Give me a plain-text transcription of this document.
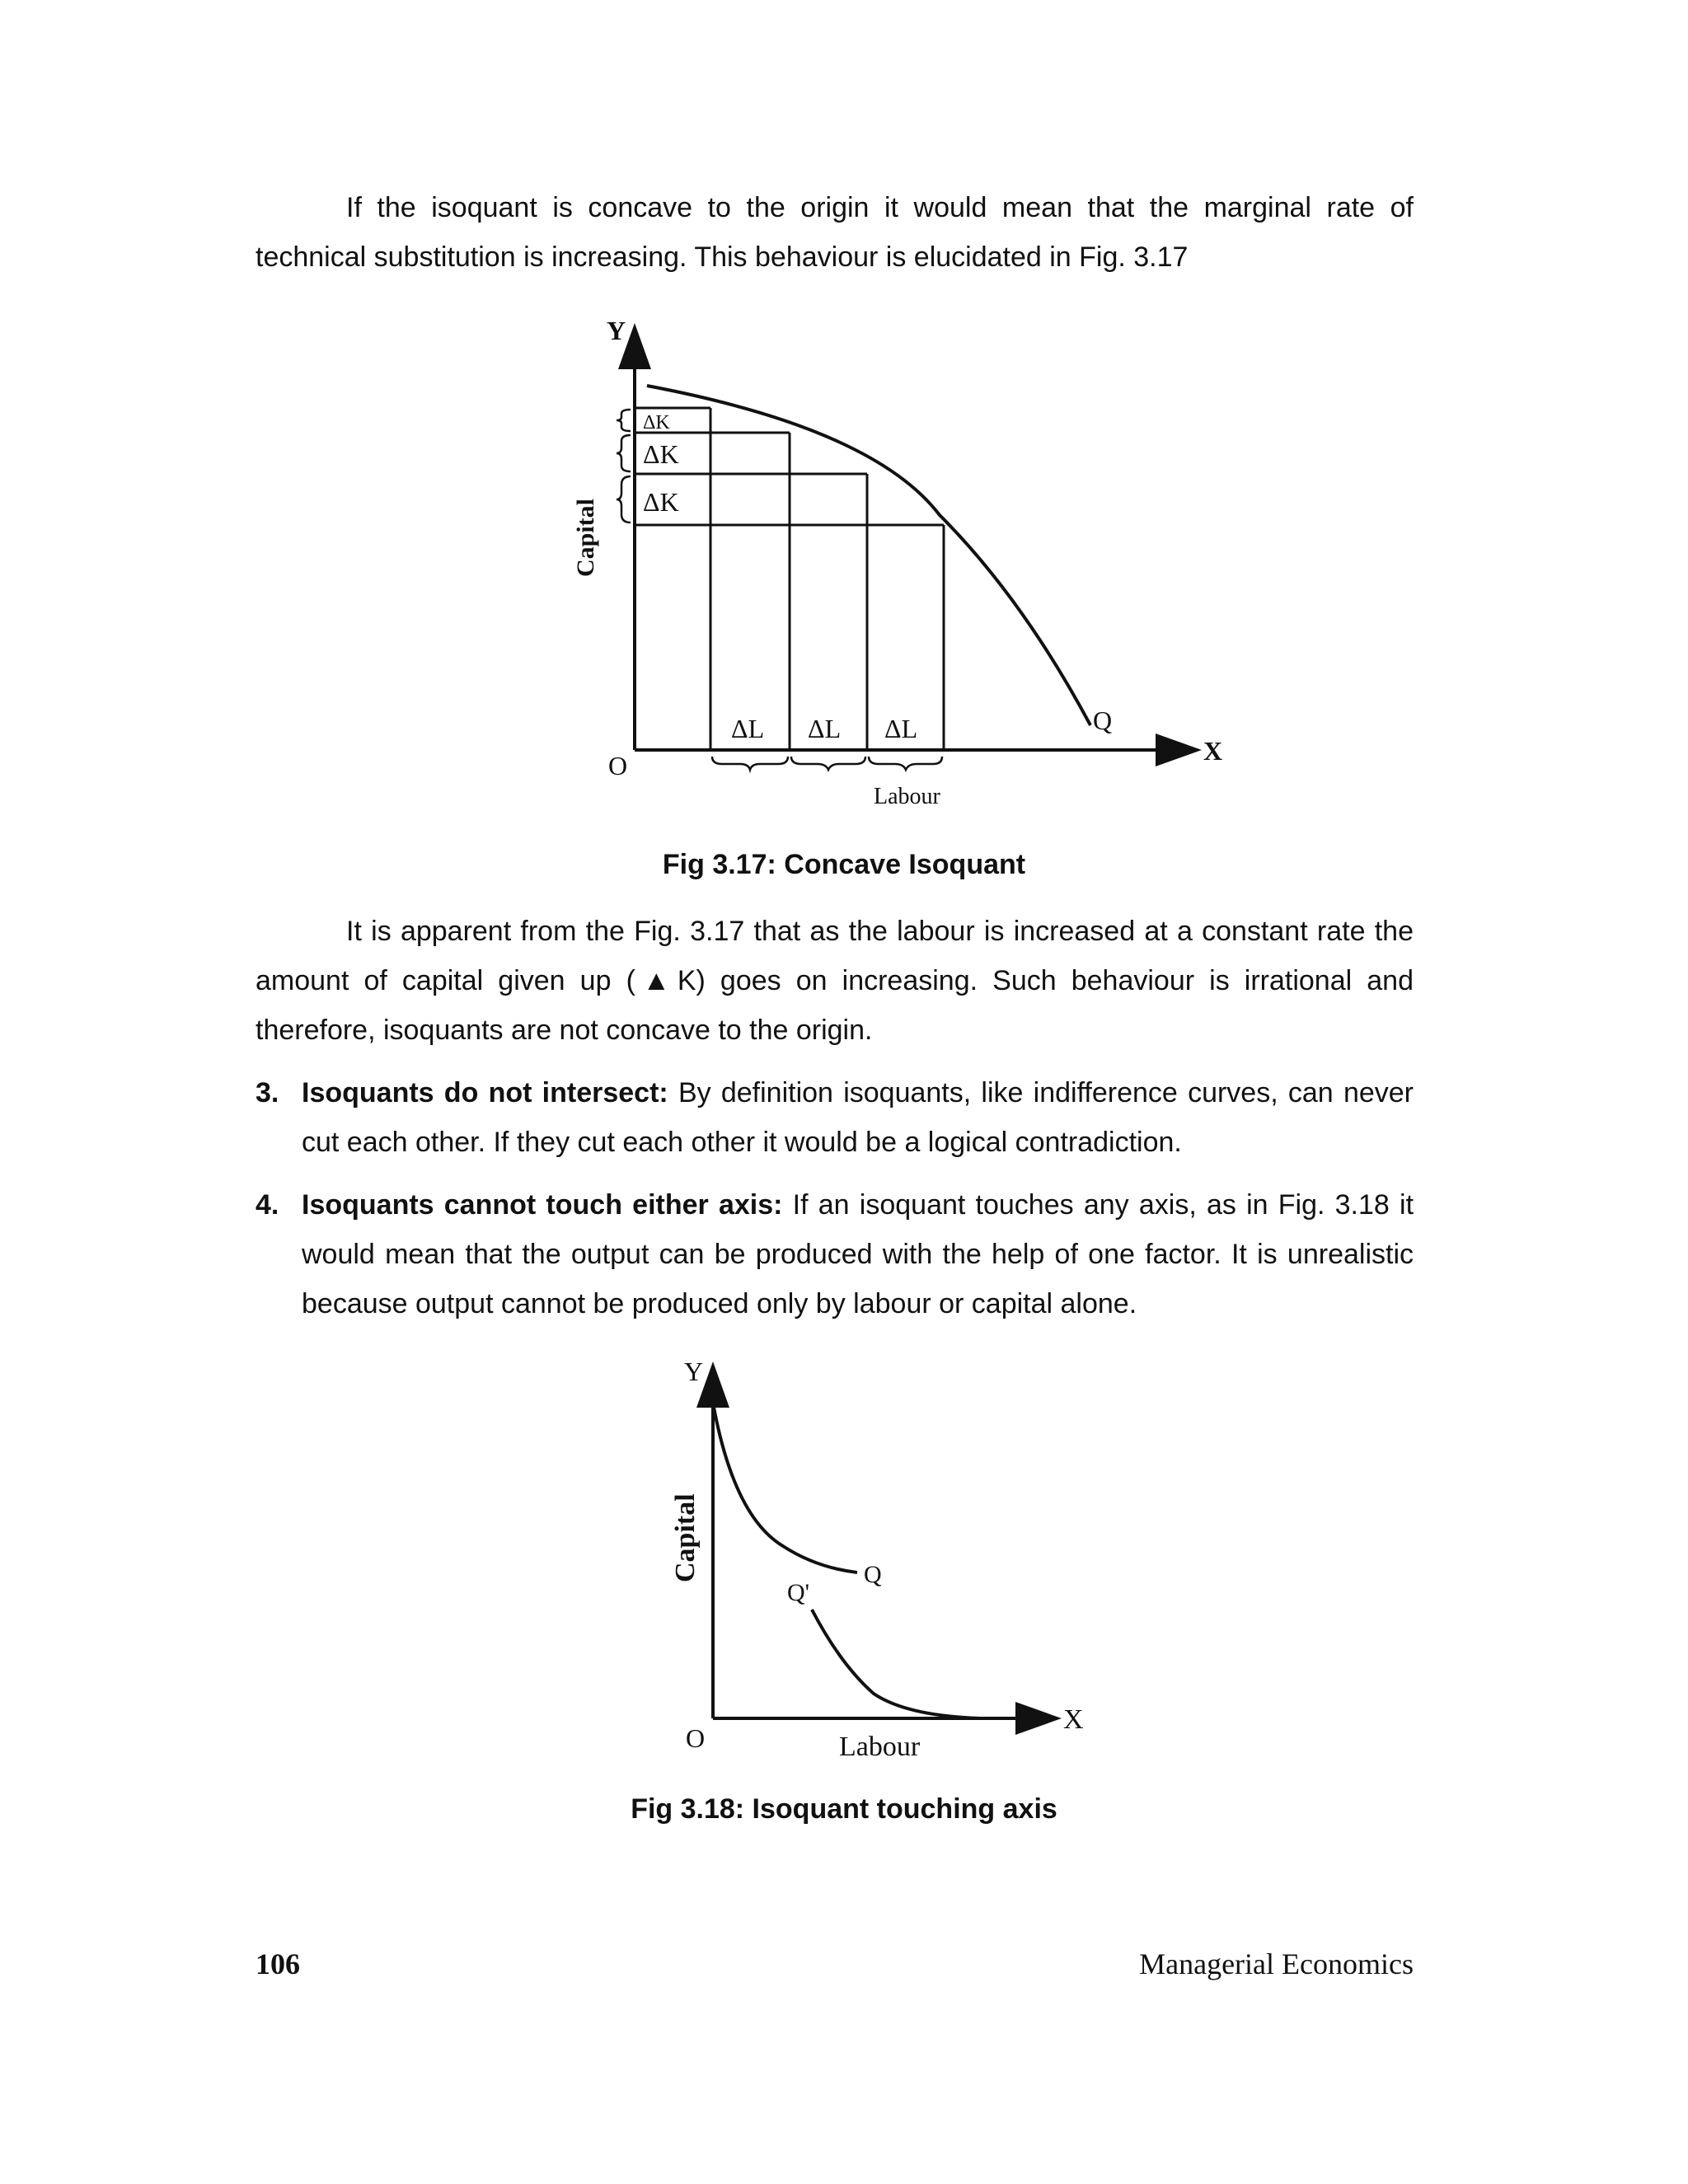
If the isoquant is concave to the origin it would mean that the marginal rate of technical substitution is increasing. This behaviour is elucidated in Fig. 3.17

Y
X
O
Capital
Labour
Q
ΔK
ΔK
ΔK
ΔL ΔL ΔL
Fig 3.17: Concave Isoquant

It is apparent from the Fig. 3.17 that as the labour is increased at a constant rate the amount of capital given up (▲K) goes on increasing. Such behaviour is irrational and therefore, isoquants are not concave to the origin.

3. Isoquants do not intersect: By definition isoquants, like indifference curves, can never cut each other. If they cut each other it would be a logical contradiction.
4. Isoquants cannot touch either axis: If an isoquant touches any axis, as in Fig. 3.18 it would mean that the output can be produced with the help of one factor. It is unrealistic because output cannot be produced only by labour or capital alone.
Y
X
O
Capital
Labour
Q
Q'
Fig 3.18: Isoquant touching axis
106	Managerial Economics
